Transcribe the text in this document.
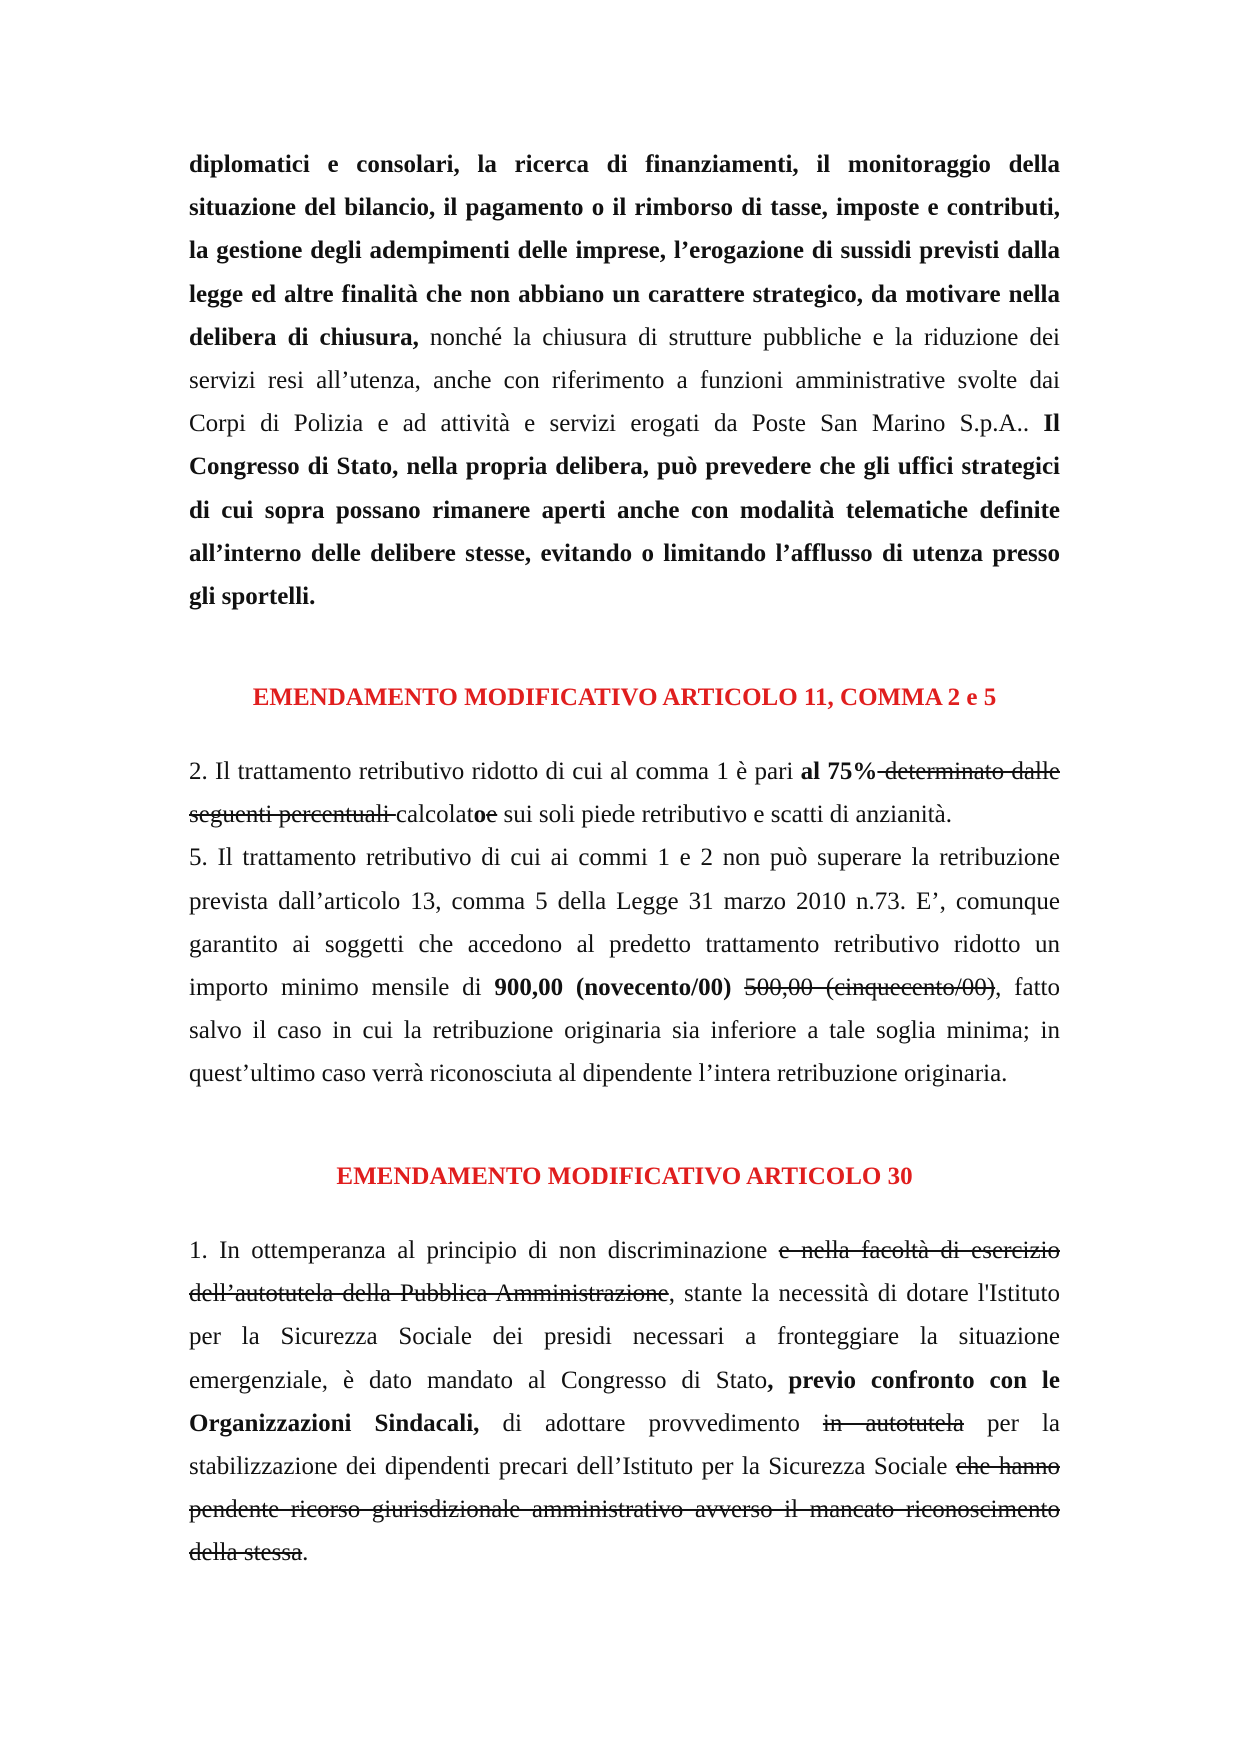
diplomatici e consolari, la ricerca di finanziamenti, il monitoraggio della situazione del bilancio, il pagamento o il rimborso di tasse, imposte e contributi, la gestione degli adempimenti delle imprese, l’erogazione di sussidi previsti dalla legge ed altre finalità che non abbiano un carattere strategico, da motivare nella delibera di chiusura, nonché la chiusura di strutture pubbliche e la riduzione dei servizi resi all’utenza, anche con riferimento a funzioni amministrative svolte dai Corpi di Polizia e ad attività e servizi erogati da Poste San Marino S.p.A.. Il Congresso di Stato, nella propria delibera, può prevedere che gli uffici strategici di cui sopra possano rimanere aperti anche con modalità telematiche definite all’interno delle delibere stesse, evitando o limitando l’afflusso di utenza presso gli sportelli.

EMENDAMENTO MODIFICATIVO ARTICOLO 11, COMMA 2 e 5

2. Il trattamento retributivo ridotto di cui al comma 1 è pari al 75% determinato dalle seguenti percentuali calcolatoe sui soli piede retributivo e scatti di anzianità.
5. Il trattamento retributivo di cui ai commi 1 e 2 non può superare la retribuzione prevista dall’articolo 13, comma 5 della Legge 31 marzo 2010 n.73. E’, comunque garantito ai soggetti che accedono al predetto trattamento retributivo ridotto un importo minimo mensile di 900,00 (novecento/00) 500,00 (cinquecento/00), fatto salvo il caso in cui la retribuzione originaria sia inferiore a tale soglia minima; in quest’ultimo caso verrà riconosciuta al dipendente l’intera retribuzione originaria.

EMENDAMENTO MODIFICATIVO ARTICOLO 30

1. In ottemperanza al principio di non discriminazione e nella facoltà di esercizio dell’autotutela della Pubblica Amministrazione, stante la necessità di dotare l'Istituto per la Sicurezza Sociale dei presidi necessari a fronteggiare la situazione emergenziale, è dato mandato al Congresso di Stato, previo confronto con le Organizzazioni Sindacali, di adottare provvedimento in autotutela per la stabilizzazione dei dipendenti precari dell’Istituto per la Sicurezza Sociale che hanno pendente ricorso giurisdizionale amministrativo avverso il mancato riconoscimento della stessa.
